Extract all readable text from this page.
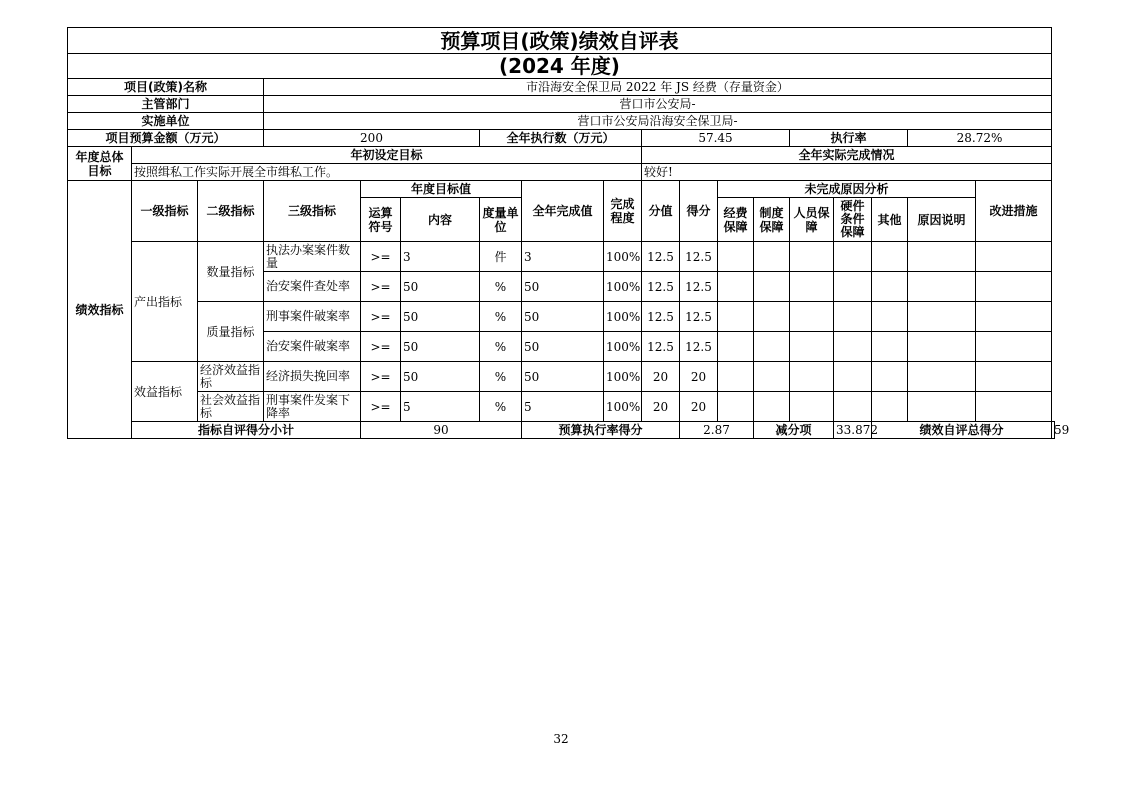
预算项目(政策)绩效自评表																		
(2024 年度)																		
项目(政策)名称			市沿海安全保卫局 2022 年 JS 经费（存量资金）															
主管部门			营口市公安局-															
实施单位			营口市公安局沿海安全保卫局-															
项目预算金额（万元）			200			全年执行数（万元）			57.45				执行率			28.72%		
年度总体
目标	年初设定目标								全年实际完成情况									
	按照缉私工作实际开展全市缉私工作。								较好!									
绩效指标	一级指标	二级指标	三级指标	年度目标值			全年完成值	完成程度	分值	得分	未完成原因分析						改进措施	
				运算符号	内容	度量单位					经费保障	制度保障	人员保障	硬件条件保障	其他	原因说明		
	产出指标	数量指标	执法办案案件数量	>=	3	件	3	100%	12.5	12.5								
			治安案件查处率	>=	50	%	50	100%	12.5	12.5								
		质量指标	刑事案件破案率	>=	50	%	50	100%	12.5	12.5								
			治安案件破案率	>=	50	%	50	100%	12.5	12.5								
	效益指标	经济效益指标	经济损失挽回率	>=	50	%	50	100%	20	20								
		社会效益指标	刑事案件发案下降率	>=	5	%	5	100%	20	20								
	指标自评得分小计			90			预算执行率得分			2.87		减分项		33.872	绩效自评总得分			59
32
